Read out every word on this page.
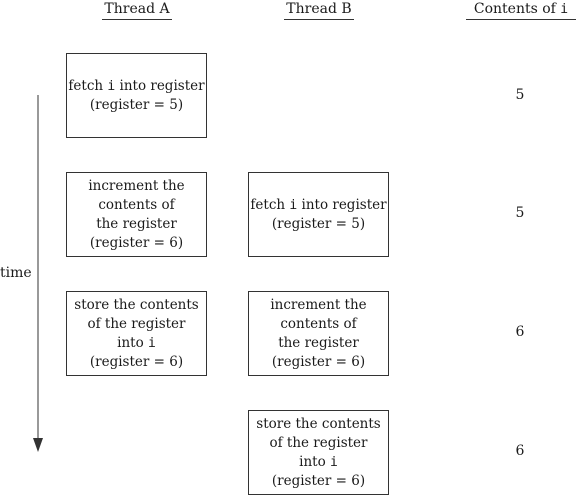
Thread A	Thread B	Contents of i
time
fetch i into register
(register = 5)
5
increment the
contents of
the register
(register = 6)
fetch i into register
(register = 5)
5
store the contents
of the register
into i
(register = 6)
increment the
contents of
the register
(register = 6)
6
store the contents
of the register
into i
(register = 6)
6
